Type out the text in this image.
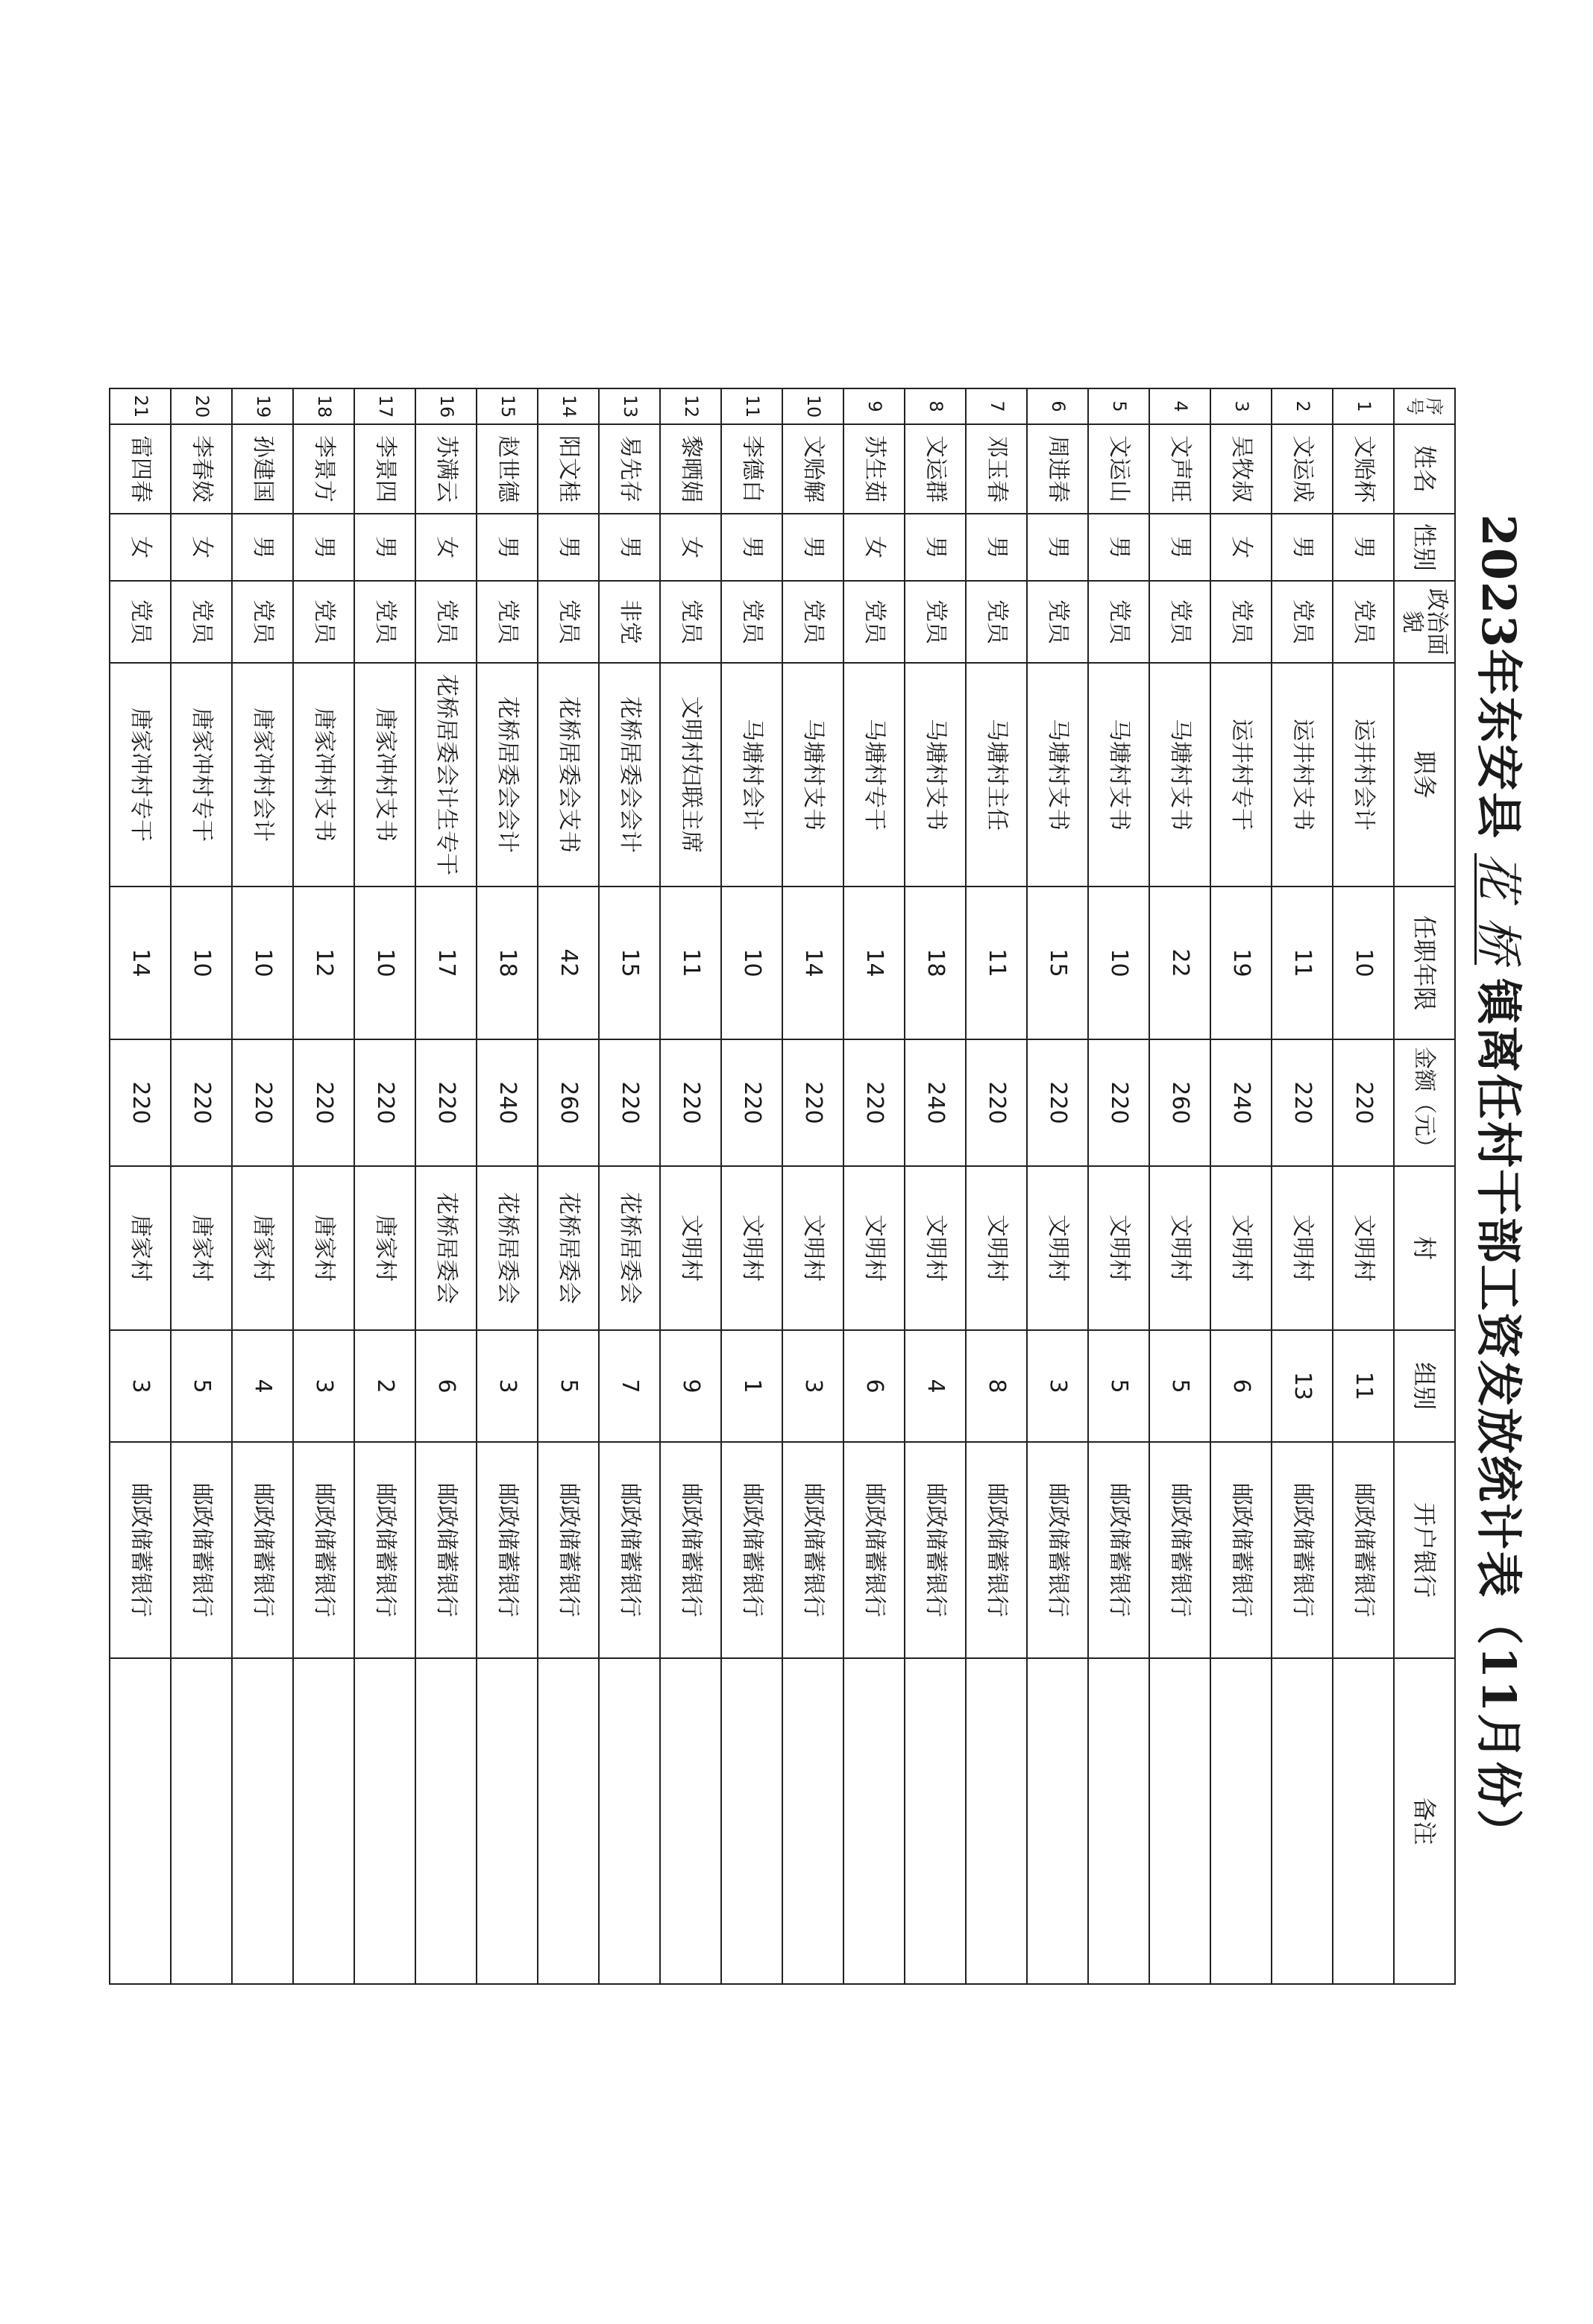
2023年东安县
花 桥
镇离任村干部工资发放统计表（11月份）
序号	姓名	性别	政治面貌	职务	任职年限	金额（元）	村	组别	开户银行	备注
1	文贻杯	男	党员	运井村会计	10	220	文明村	11	邮政储蓄银行	
2	文运成	男	党员	运井村支书	11	220	文明村	13	邮政储蓄银行	
3	吴牧叔	女	党员	运井村专干	19	240	文明村	6	邮政储蓄银行	
4	文声旺	男	党员	马塘村支书	22	260	文明村	5	邮政储蓄银行	
5	文运山	男	党员	马塘村支书	10	220	文明村	5	邮政储蓄银行	
6	周进春	男	党员	马塘村支书	15	220	文明村	3	邮政储蓄银行	
7	邓玉春	男	党员	马塘村主任	11	220	文明村	8	邮政储蓄银行	
8	文运群	男	党员	马塘村支书	18	240	文明村	4	邮政储蓄银行	
9	苏生茹	女	党员	马塘村专干	14	220	文明村	6	邮政储蓄银行	
10	文贻解	男	党员	马塘村支书	14	220	文明村	3	邮政储蓄银行	
11	李德白	男	党员	马塘村会计	10	220	文明村	1	邮政储蓄银行	
12	黎晒娟	女	党员	文明村妇联主席	11	220	文明村	9	邮政储蓄银行	
13	易先存	男	非党	花桥居委会会计	15	220	花桥居委会	7	邮政储蓄银行	
14	阳文桂	男	党员	花桥居委会支书	42	260	花桥居委会	5	邮政储蓄银行	
15	赵世德	男	党员	花桥居委会会计	18	240	花桥居委会	3	邮政储蓄银行	
16	苏满云	女	党员	花桥居委会计生专干	17	220	花桥居委会	6	邮政储蓄银行	
17	李景四	男	党员	唐家冲村支书	10	220	唐家村	2	邮政储蓄银行	
18	李景方	男	党员	唐家冲村支书	12	220	唐家村	3	邮政储蓄银行	
19	孙建国	男	党员	唐家冲村会计	10	220	唐家村	4	邮政储蓄银行	
20	李春姣	女	党员	唐家冲村专干	10	220	唐家村	5	邮政储蓄银行	
21	雷四春	女	党员	唐家冲村专干	14	220	唐家村	3	邮政储蓄银行	
